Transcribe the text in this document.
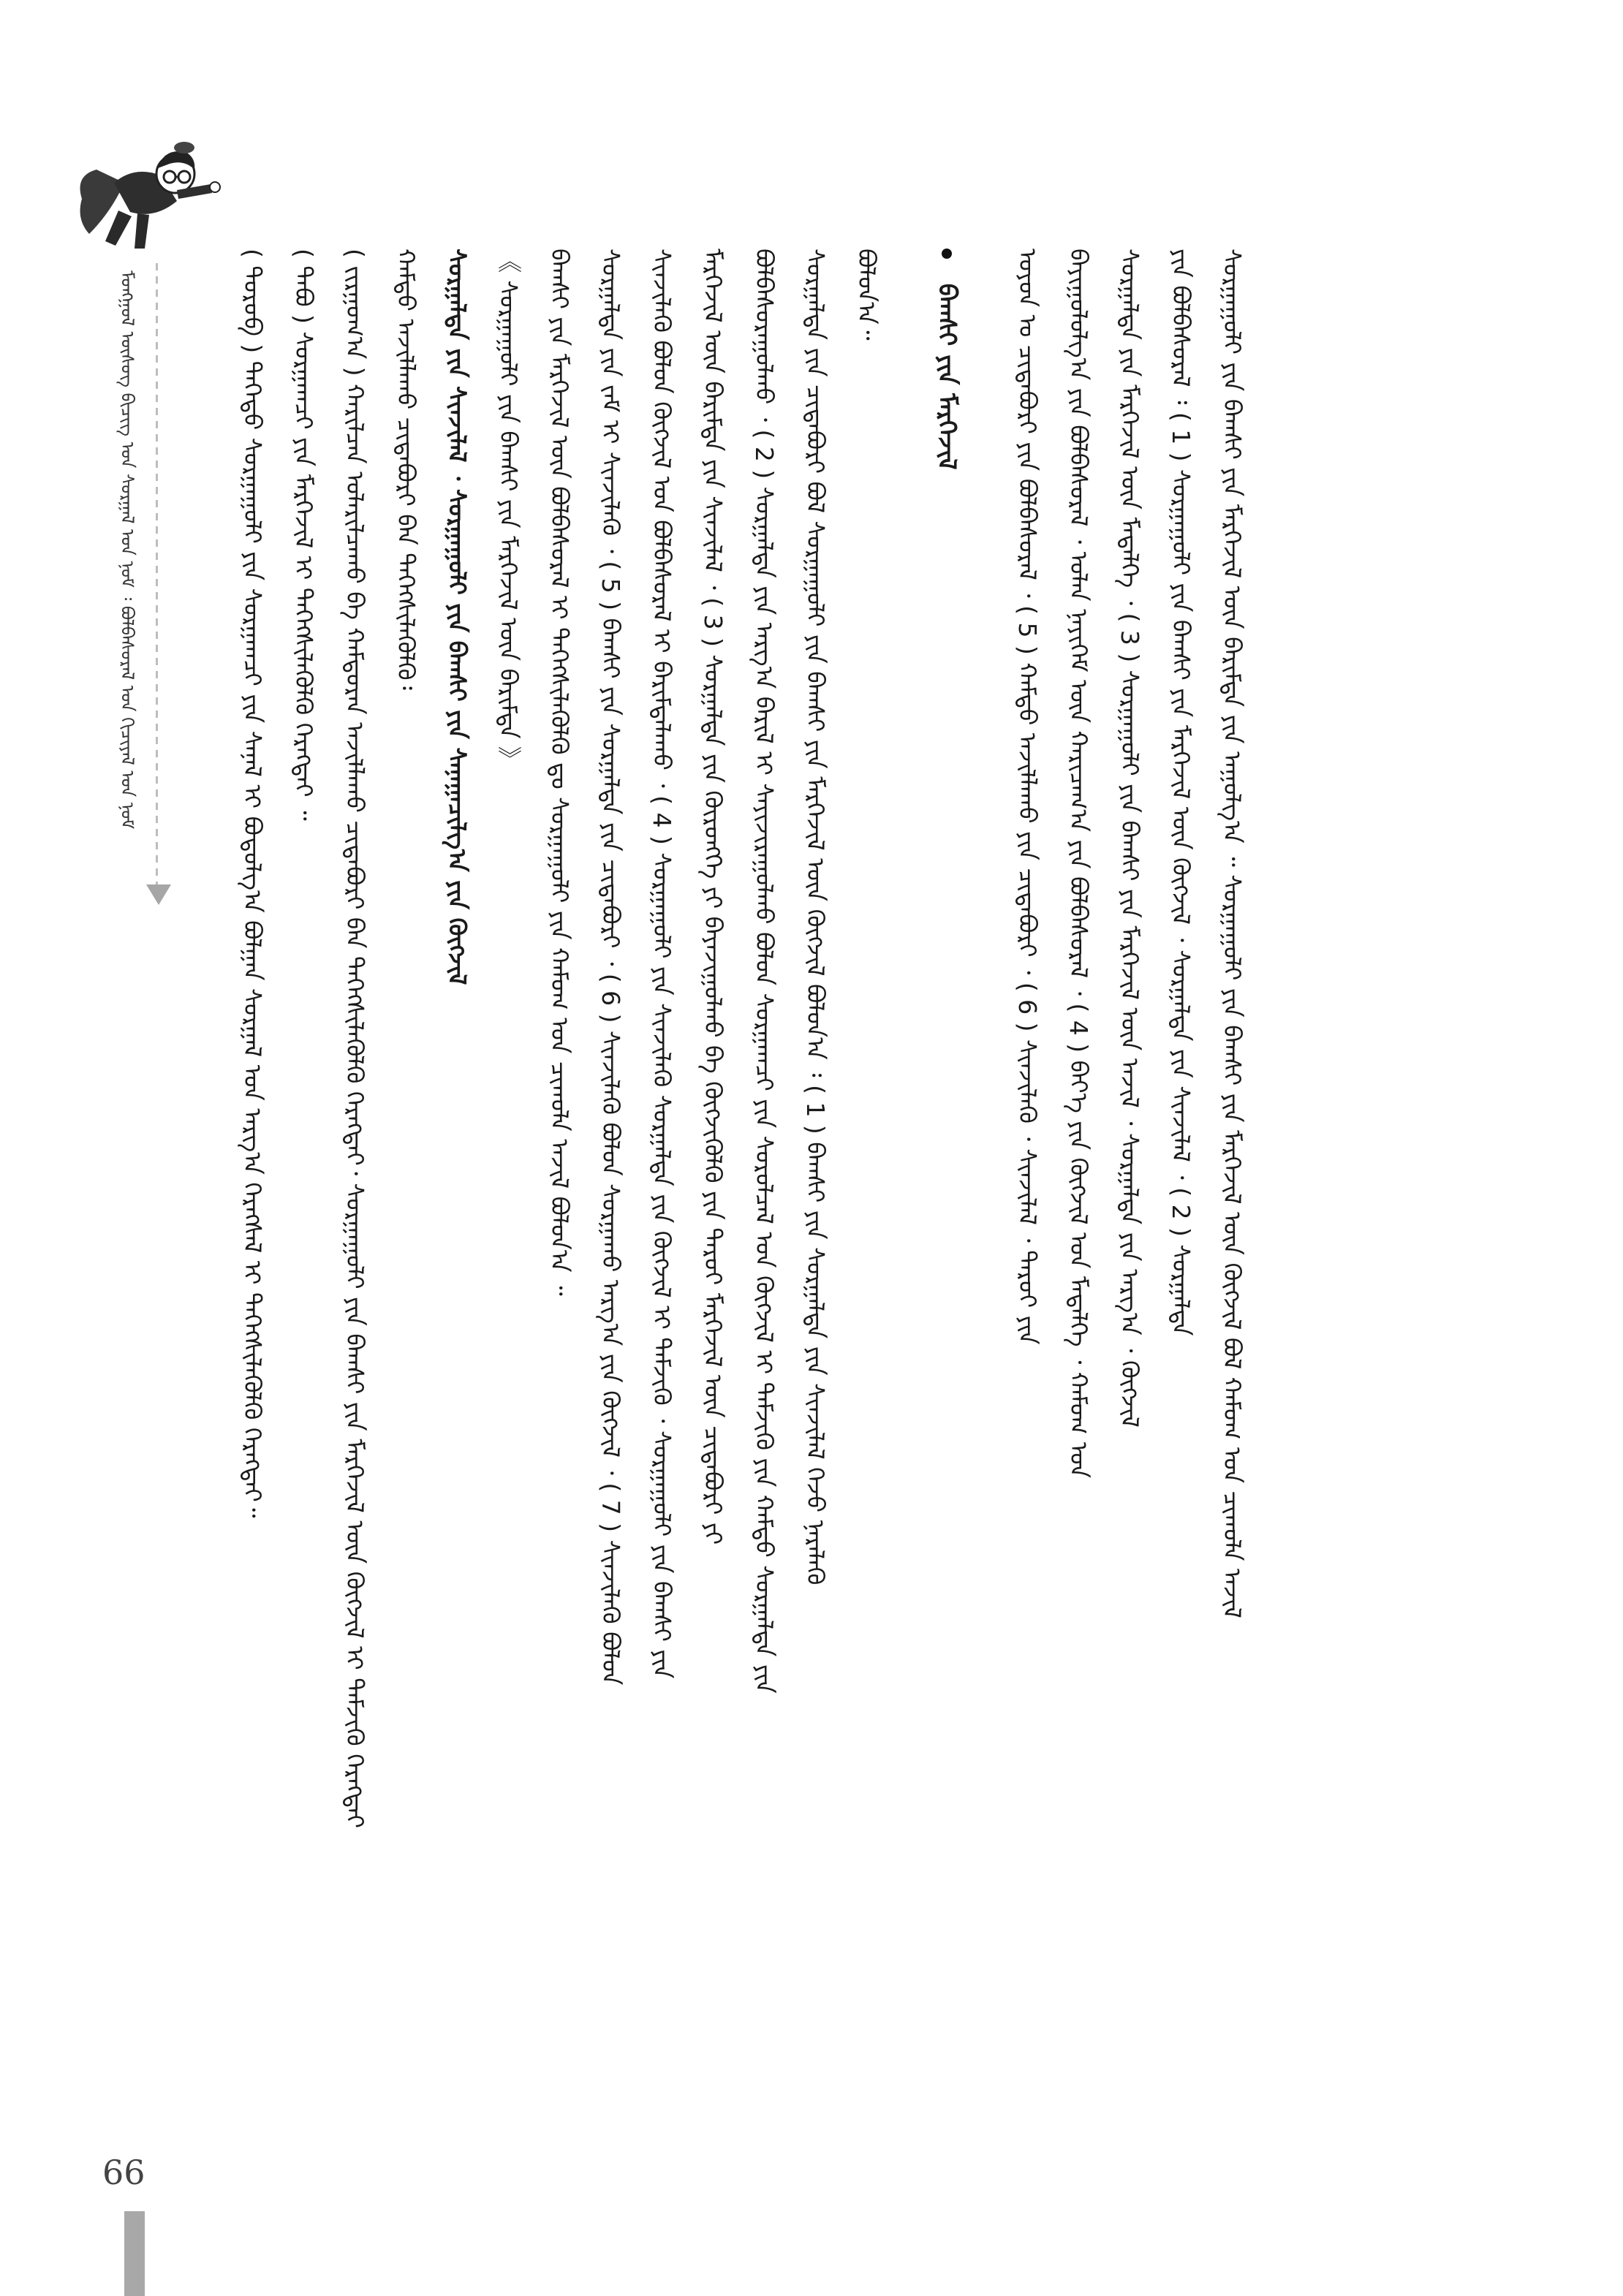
ᠮᠣᠩᠭᠣᠯ ᠦᠰᠦᠭ ᠪᠢᠴᠢᠭ ᠤᠨ ᠰᠤᠷᠭᠠᠯ ᠤᠨ ᠨᠣᠮ ᠄ ᠪᠣᠯᠪᠠᠰᠤᠷᠠᠯ ᠤᠨ ᠬᠢᠴᠢᠶᠡᠯ ᠤᠨ ᠨᠣᠮ	᠎( ᠳᠤᠷᠤᠪ ) ᠳᠡᠭᠡᠳᠦ ᠰᠤᠷᠭᠠᠭᠤᠯᠢ ᠶᠢᠨ ᠰᠤᠷᠭᠠᠭᠴᠢ ᠶᠢᠨ ᠰᠠᠨᠠᠯ ᠢ ᠪᠣᠳᠣᠯᠭ᠎ᠠ ᠪᠣᠯᠭᠠᠨ ᠰᠤᠷᠭᠠᠯ ᠤᠨ ᠠᠷᠭ᠎ᠠ ᠬᠡᠷᠡᠭᠰᠡᠯ ᠢ ᠳᠡᠭᠡᠭᠰᠢᠯᠡᠭᠦᠯᠬᠦ ᠬᠡᠷᠡᠭᠲᠡᠢ᠃ ᠎( ᠲᠠᠪᠤ ) ᠰᠤᠷᠭᠠᠭᠴᠢ ᠶᠢᠨ ᠮᠡᠷᠭᠡᠵᠢᠯ ᠢ ᠳᠡᠭᠡᠭᠰᠢᠯᠡᠭᠦᠯᠬᠦ ᠬᠡᠷᠡᠭᠲᠡᠢ ᠃ ᠎( ᠵᠢᠷᠭᠤᠭ᠎ᠠ ) ᠬᠠᠷᠢᠯᠴᠠᠨ ᠤᠯᠠᠷᠢᠯᠴᠠᠬᠤ ᠪᠠ ᠬᠠᠮᠲᠤᠷᠠᠨ ᠠᠵᠢᠯᠯᠠᠬᠤ ᠴᠢᠳᠠᠪᠤᠷᠢ ᠪᠡᠨ ᠳᠡᠭᠡᠭᠰᠢᠯᠡᠭᠦᠯᠬᠦ ᠬᠡᠷᠡᠭᠲᠡᠢ᠂ ᠰᠤᠷᠭᠠᠭᠤᠯᠢ ᠶᠢᠨ ᠪᠠᠭᠰᠢ ᠶᠢᠨ ᠮᠡᠷᠭᠡᠵᠢᠯ ᠦᠨ ᠬᠥᠭᠵᠢᠯ ᠢ ᠳᠡᠮᠵᠢᠬᠦ ᠬᠡᠷᠡᠭᠲᠡᠢ ᠬᠠᠮᠲᠤ ᠠᠵᠢᠯᠯᠠᠬᠤ ᠴᠢᠳᠠᠪᠤᠷᠢ ᠪᠠᠨ ᠳᠡᠭᠡᠭᠰᠢᠯᠡᠭᠦᠯᠬᠦ᠄ ᠰᠤᠷᠭᠠᠯᠲᠠ ᠶᠢᠨ ᠰᠢᠨᠵᠢᠯᠡᠯ ᠂ ᠰᠤᠷᠭᠠᠭᠤᠯᠢ ᠶᠢᠨ ᠪᠠᠭᠰᠢ ᠶᠢᠨ ᠰᠠᠨᠠᠭᠠᠴᠢᠯᠭ᠎ᠠ ᠶᠢᠨ ᠬᠥᠭᠵᠢᠯ 《 ᠰᠤᠷᠭᠠᠭᠤᠯᠢ ᠶᠢᠨ ᠪᠠᠭᠰᠢ ᠶᠢᠨ ᠮᠡᠷᠭᠡᠵᠢᠯ ᠦᠨ ᠪᠠᠷᠢᠮᠲᠠ 》 ᠪᠠᠭᠰᠢ ᠶᠢᠨ ᠮᠡᠷᠭᠡᠵᠢᠯ ᠦᠨ ᠪᠣᠯᠪᠠᠰᠤᠷᠠᠯ ᠢ ᠳᠡᠭᠡᠭᠰᠢᠯᠡᠭᠦᠯᠬᠦ ᠳᠤ ᠰᠤᠷᠭᠠᠭᠤᠯᠢ ᠶᠢᠨ ᠬᠠᠮᠤᠭ ᠤᠨ ᠴᠢᠬᠤᠯᠠ ᠠᠵᠢᠯ ᠪᠣᠯᠤᠨ᠎ᠠ ᠃ ᠰᠤᠷᠭᠠᠯᠲᠠ ᠶᠢᠨ ᠵᠠᠮ ᠢ ᠰᠢᠨᠵᠢᠯᠡᠬᠦ ᠂ ( 5 ) ᠪᠠᠭᠰᠢ ᠶᠢᠨ ᠰᠤᠷᠭᠠᠯᠲᠠ ᠶᠢᠨ ᠴᠢᠳᠠᠪᠤᠷᠢ ᠂ ( 6 ) ᠰᠢᠨᠵᠢᠯᠡᠬᠦ ᠪᠣᠯᠤᠨ ᠰᠤᠷᠭᠠᠬᠤ ᠠᠷᠭ᠎ᠠ ᠶᠢᠨ ᠬᠥᠭᠵᠢᠯ ᠂ ( 7 ) ᠰᠢᠨᠵᠢᠯᠡᠬᠦ ᠪᠣᠯᠤᠨ ᠰᠢᠨᠵᠢᠯᠡᠬᠦ ᠪᠣᠯᠤᠨ ᠬᠥᠭᠵᠢᠯ ᠤᠨ ᠪᠣᠯᠪᠠᠰᠤᠷᠠᠯ ᠢ ᠪᠠᠷᠢᠮᠲᠠᠯᠠᠬᠤ ᠂ ( 4 ) ᠰᠤᠷᠭᠠᠭᠤᠯᠢ ᠶᠢᠨ ᠰᠢᠨᠵᠢᠯᠡᠬᠦ ᠰᠤᠷᠭᠠᠯᠲᠠ ᠶᠢᠨ ᠬᠥᠭᠵᠢᠯ ᠢ ᠳᠡᠮᠵᠢᠬᠦ ᠂ ᠰᠤᠷᠭᠠᠭᠤᠯᠢ ᠶᠢᠨ ᠪᠠᠭᠰᠢ ᠶᠢᠨ ᠮᠡᠷᠭᠡᠵᠢᠯ ᠦᠨ ᠪᠠᠷᠢᠮᠲᠠ ᠶᠢᠨ ᠰᠢᠨᠵᠢᠯᠡᠯ ᠂ ( 3 ) ᠰᠤᠷᠭᠠᠯᠲᠠ ᠶᠢᠨ ᠬᠥᠷᠥᠩᠭᠡ ᠶᠢ ᠪᠠᠶᠠᠵᠢᠭᠤᠯᠬᠤ ᠪᠠ ᠬᠥᠭᠵᠢᠭᠦᠯᠬᠦ ᠶᠢᠨ ᠳᠠᠷᠤᠢ ᠮᠡᠷᠭᠡᠵᠢᠯ ᠦᠨ ᠴᠢᠳᠠᠪᠤᠷᠢ ᠶᠢ ᠪᠣᠯᠪᠠᠰᠤᠷᠠᠭᠤᠯᠬᠤ ᠂ ( 2 ) ᠰᠤᠷᠭᠠᠯᠲᠠ ᠶᠢᠨ ᠠᠷᠭ᠎ᠠ ᠪᠠᠷᠢᠯ ᠢ ᠰᠠᠶᠢᠵᠢᠷᠠᠭᠤᠯᠬᠤ ᠪᠣᠯᠤᠨ ᠰᠤᠷᠭᠠᠭᠴᠢ ᠶᠢᠨ ᠰᠤᠷᠤᠯᠴᠠᠯ ᠤᠨ ᠬᠥᠭᠵᠢᠯ ᠢ ᠳᠡᠮᠵᠢᠬᠦ ᠶᠢᠨ ᠬᠠᠮᠲᠤ ᠰᠤᠷᠭᠠᠯᠲᠠ ᠶᠢᠨ ᠰᠤᠷᠭᠠᠯᠲᠠ ᠶᠢᠨ ᠴᠢᠳᠠᠪᠤᠷᠢ ᠪᠣᠯ ᠰᠤᠷᠭᠠᠭᠤᠯᠢ ᠶᠢᠨ ᠪᠠᠭᠰᠢ ᠶᠢᠨ ᠮᠡᠷᠭᠡᠵᠢᠯ ᠦᠨ ᠬᠥᠭᠵᠢᠯ ᠪᠣᠯᠤᠨ᠎ᠠ ᠄ ( 1 ) ᠪᠠᠭᠰᠢ ᠶᠢᠨ ᠰᠤᠷᠭᠠᠯᠲᠠ ᠶᠢᠨ ᠰᠢᠨᠵᠢᠯᠡᠯ ᠭᠡᠵᠦ ᠨᠡᠷᠡᠯᠡᠬᠦ ᠪᠣᠯᠤᠨ᠎ᠠ᠃ ᠪᠠᠭᠰᠢ ᠶᠢᠨ ᠮᠡᠷᠭᠡᠵᠢᠯ	ᠣᠶᠤᠨ ᠤ ᠴᠢᠳᠠᠪᠤᠷᠢ ᠶᠢᠨ ᠪᠣᠯᠪᠠᠰᠤᠷᠠᠯ ᠂ ( 5 ) ᠬᠠᠮᠲᠤ ᠠᠵᠢᠯᠯᠠᠬᠤ ᠶᠢᠨ ᠴᠢᠳᠠᠪᠤᠷᠢ ᠂ ( 6 ) ᠰᠢᠨᠵᠢᠯᠡᠬᠦ ᠂ ᠰᠢᠨᠵᠢᠯᠡᠯ ᠂ ᠳᠠᠷᠤᠢ ᠶᠢᠨ ᠪᠠᠶᠢᠭᠤᠯᠤᠯᠭ᠎ᠠ ᠶᠢᠨ ᠪᠣᠯᠪᠠᠰᠤᠷᠠᠯ ᠂ ᠣᠯᠠᠨ ᠨᠡᠶᠢᠭᠡᠮ ᠦᠨ ᠬᠠᠷᠢᠴᠠᠭ᠎ᠠ ᠶᠢᠨ ᠪᠣᠯᠪᠠᠰᠤᠷᠠᠯ ᠂ ( 4 ) ᠪᠡᠶ᠎ᠡ ᠶᠢᠨ ᠬᠥᠭᠵᠢᠯ ᠤᠨ ᠮᠡᠳᠡᠯᠭᠡ ᠂ ᠬᠠᠮᠤᠭ ᠤᠨ ᠰᠤᠷᠭᠠᠯᠲᠠ ᠶᠢᠨ ᠮᠡᠷᠭᠡᠵᠢᠯ ᠦᠨ ᠮᠡᠳᠡᠯᠭᠡ ᠂ ( 3 ) ᠰᠤᠷᠭᠠᠭᠤᠯᠢ ᠶᠢᠨ ᠪᠠᠭᠰᠢ ᠶᠢᠨ ᠮᠡᠷᠭᠡᠵᠢᠯ ᠦᠨ ᠠᠵᠢᠯ ᠂ ᠰᠤᠷᠭᠠᠯᠲᠠ ᠶᠢᠨ ᠠᠷᠭ᠎ᠠ ᠂ ᠬᠥᠭᠵᠢᠯ ᠶᠢᠨ ᠪᠣᠯᠪᠠᠰᠤᠷᠠᠯ ᠄ ( 1 ) ᠰᠤᠷᠭᠠᠭᠤᠯᠢ ᠶᠢᠨ ᠪᠠᠭᠰᠢ ᠶᠢᠨ ᠮᠡᠷᠭᠡᠵᠢᠯ ᠦᠨ ᠬᠥᠭᠵᠢᠯ ᠂ ᠰᠤᠷᠭᠠᠯᠲᠠ ᠶᠢᠨ ᠰᠢᠨᠵᠢᠯᠡᠯ ᠂ ( 2 ) ᠰᠤᠷᠭᠠᠯᠲᠠ ᠰᠤᠷᠭᠠᠭᠤᠯᠢ ᠶᠢᠨ ᠪᠠᠭᠰᠢ ᠶᠢᠨ ᠮᠡᠷᠭᠡᠵᠢᠯ ᠦᠨ ᠪᠠᠷᠢᠮᠲᠠ ᠶᠢᠨ ᠠᠭᠤᠯᠭ᠎ᠠ ᠃ ᠰᠤᠷᠭᠠᠭᠤᠯᠢ ᠶᠢᠨ ᠪᠠᠭᠰᠢ ᠶᠢᠨ ᠮᠡᠷᠭᠡᠵᠢᠯ ᠦᠨ ᠬᠥᠭᠵᠢᠯ ᠪᠣᠯ ᠬᠠᠮᠤᠭ ᠤᠨ ᠴᠢᠬᠤᠯᠠ ᠠᠵᠢᠯ
66
